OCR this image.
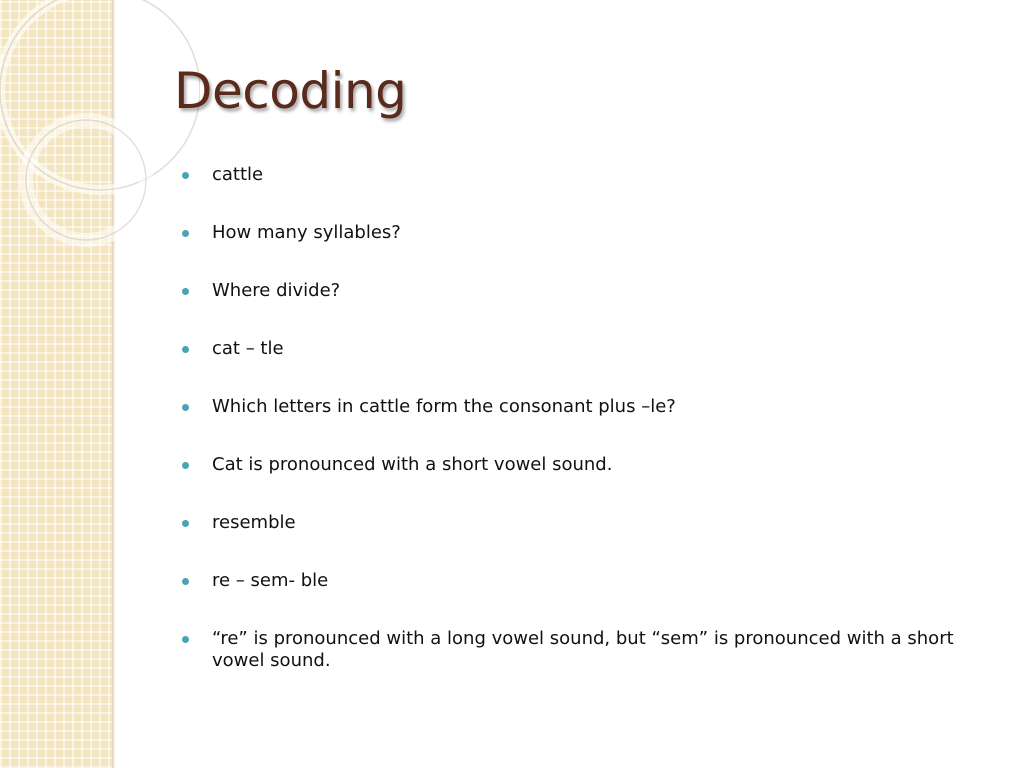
Decoding
cattle
How many syllables?
Where divide?
cat – tle
Which letters in cattle form the consonant plus –le?
Cat is pronounced with a short vowel sound.
resemble
re – sem- ble
“re” is pronounced with a long vowel sound, but “sem” is pronounced with a short vowel sound.
